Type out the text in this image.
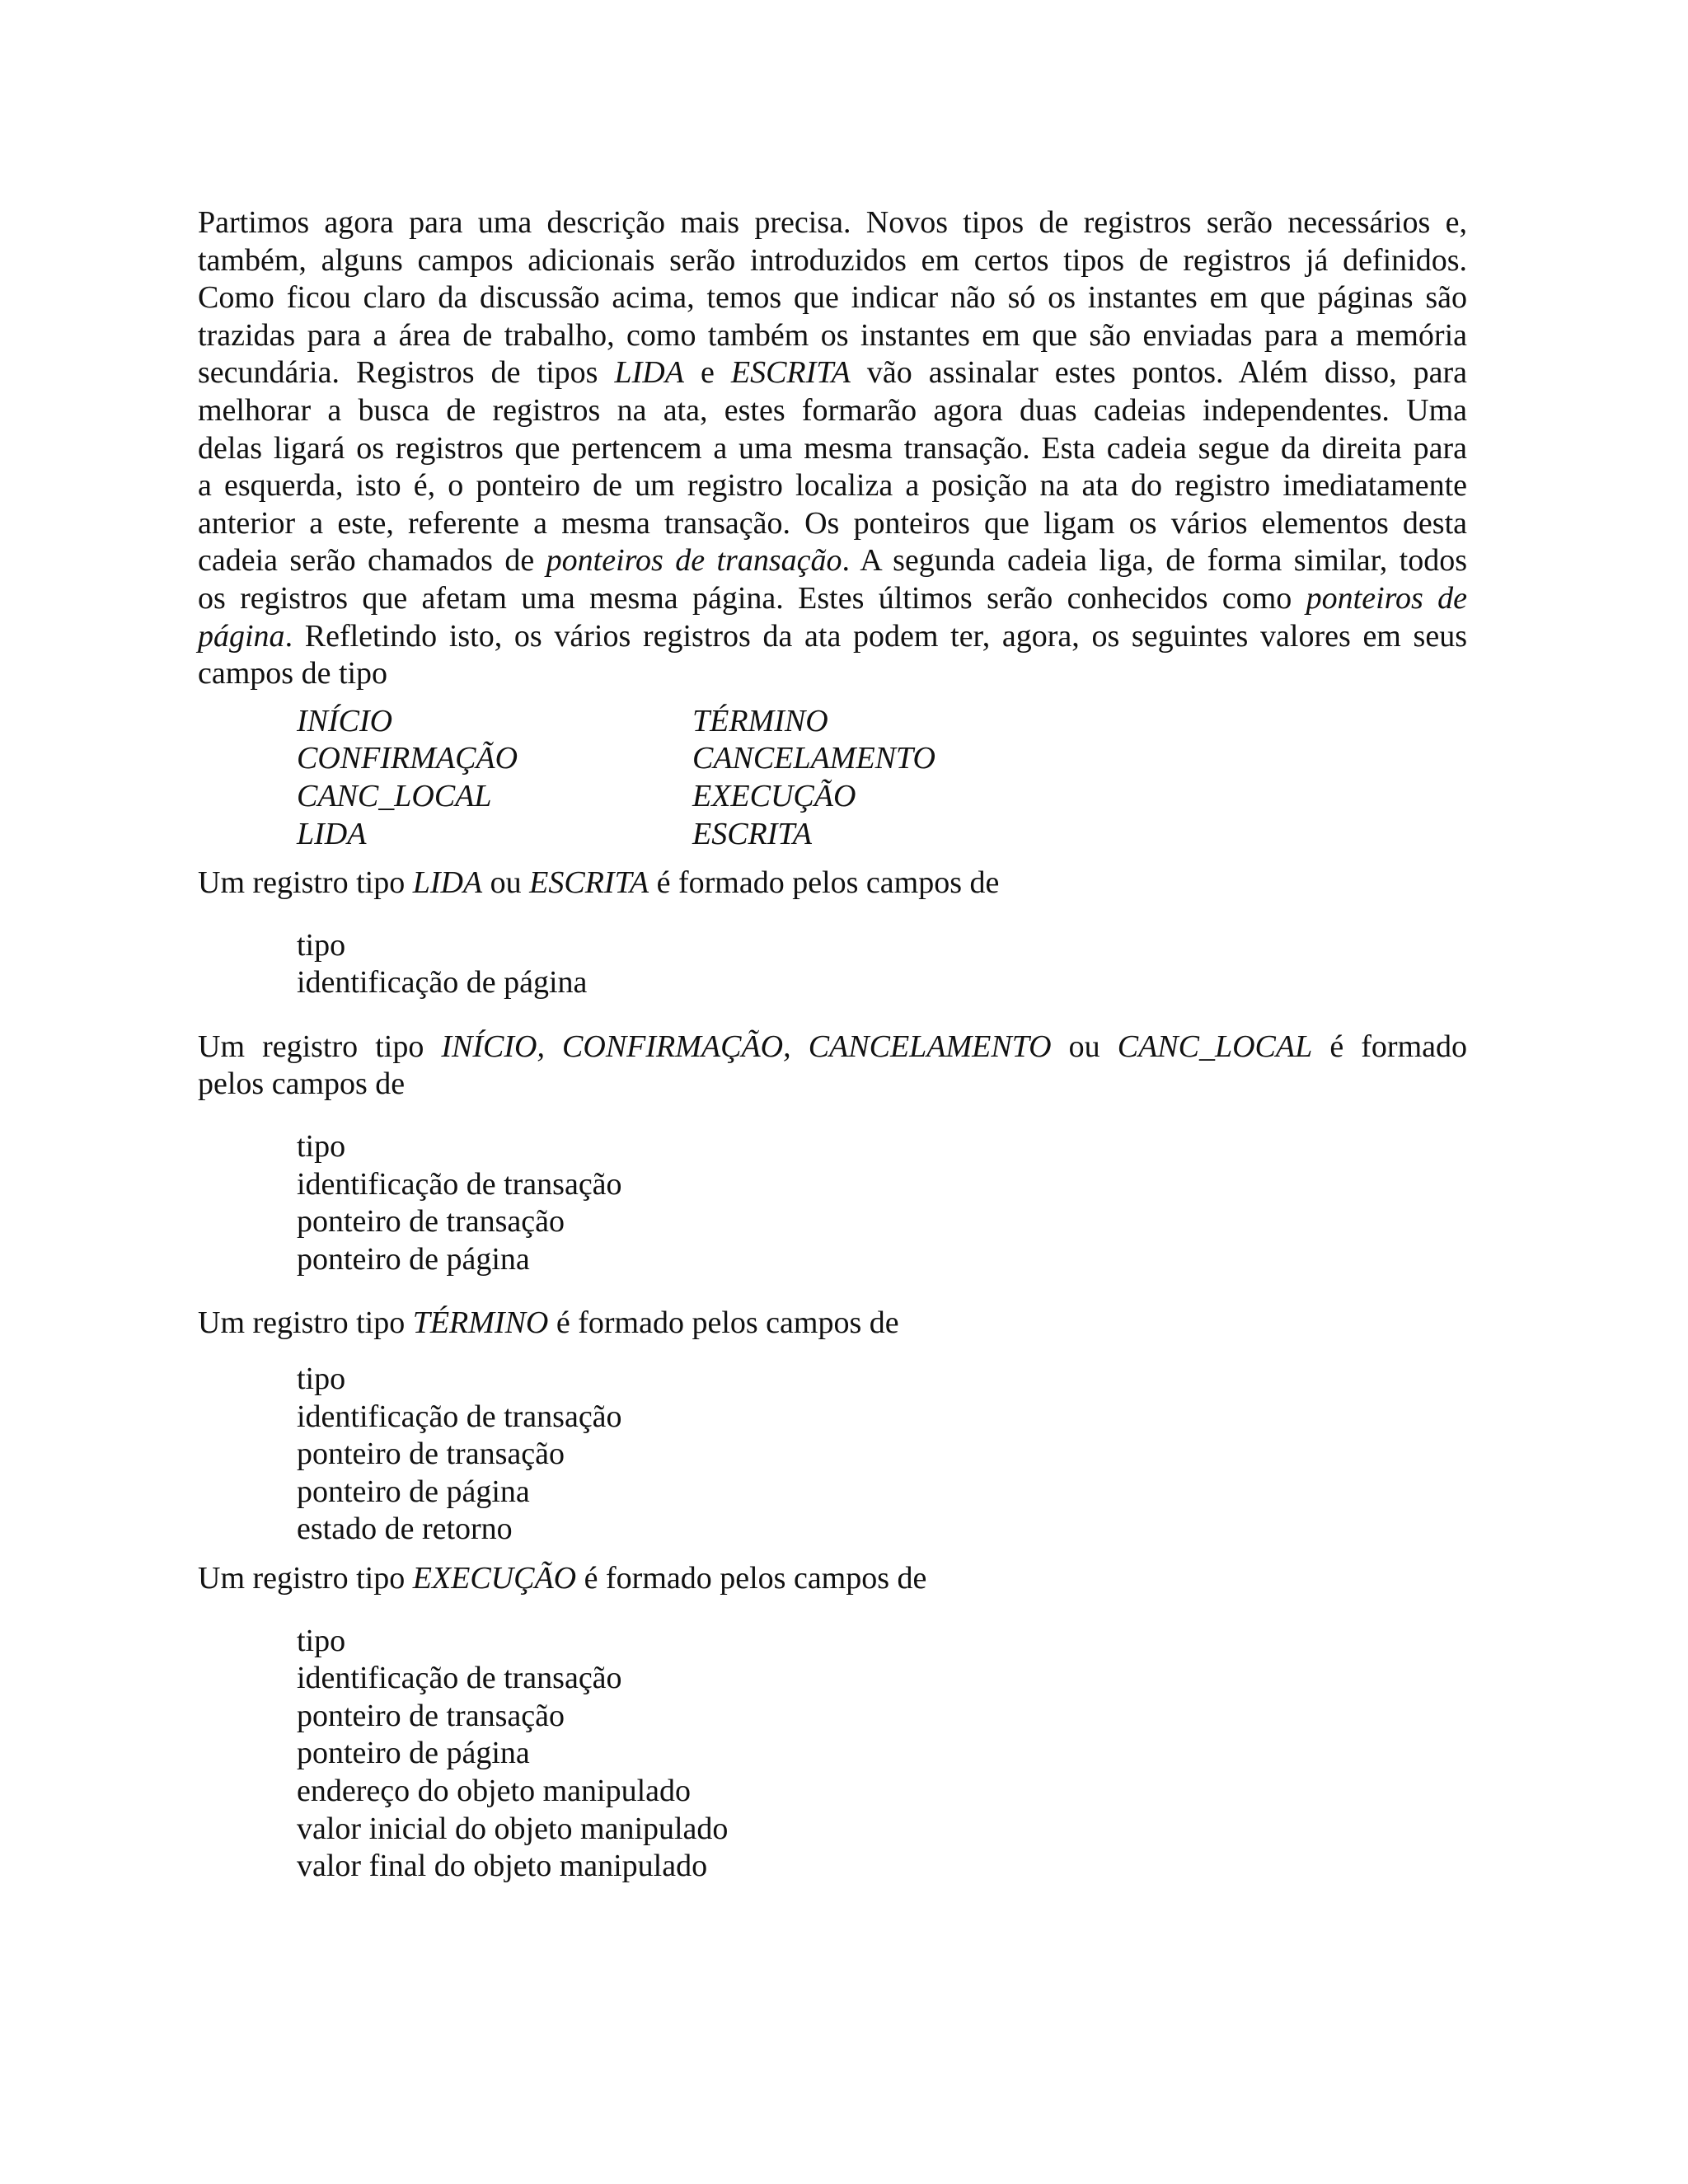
Partimos agora para uma descrição mais precisa. Novos tipos de registros serão necessários e,
também, alguns campos adicionais serão introduzidos em certos tipos de registros já definidos.
Como ficou claro da discussão acima, temos que indicar não só os instantes em que páginas são
trazidas para a área de trabalho, como também os instantes em que são enviadas para a memória
secundária. Registros de tipos LIDA e ESCRITA vão assinalar estes pontos. Além disso, para
melhorar a busca de registros na ata, estes formarão agora duas cadeias independentes. Uma
delas ligará os registros que pertencem a uma mesma transação. Esta cadeia segue da direita para
a esquerda, isto é, o ponteiro de um registro localiza a posição na ata do registro imediatamente
anterior a este, referente a mesma transação. Os ponteiros que ligam os vários elementos desta
cadeia serão chamados de ponteiros de transação. A segunda cadeia liga, de forma similar, todos
os registros que afetam uma mesma página. Estes últimos serão conhecidos como ponteiros de
página. Refletindo isto, os vários registros da ata podem ter, agora, os seguintes valores em seus
campos de tipo

INÍCIO	TÉRMINO
CONFIRMAÇÃO	CANCELAMENTO
CANC_LOCAL	EXECUÇÃO
LIDA	ESCRITA

Um registro tipo LIDA ou ESCRITA é formado pelos campos de

tipo
identificação de página

Um registro tipo INÍCIO, CONFIRMAÇÃO, CANCELAMENTO ou CANC_LOCAL é formado
pelos campos de

tipo
identificação de transação
ponteiro de transação
ponteiro de página

Um registro tipo TÉRMINO é formado pelos campos de

tipo
identificação de transação
ponteiro de transação
ponteiro de página
estado de retorno

Um registro tipo EXECUÇÃO é formado pelos campos de

tipo
identificação de transação
ponteiro de transação
ponteiro de página
endereço do objeto manipulado
valor inicial do objeto manipulado
valor final do objeto manipulado
